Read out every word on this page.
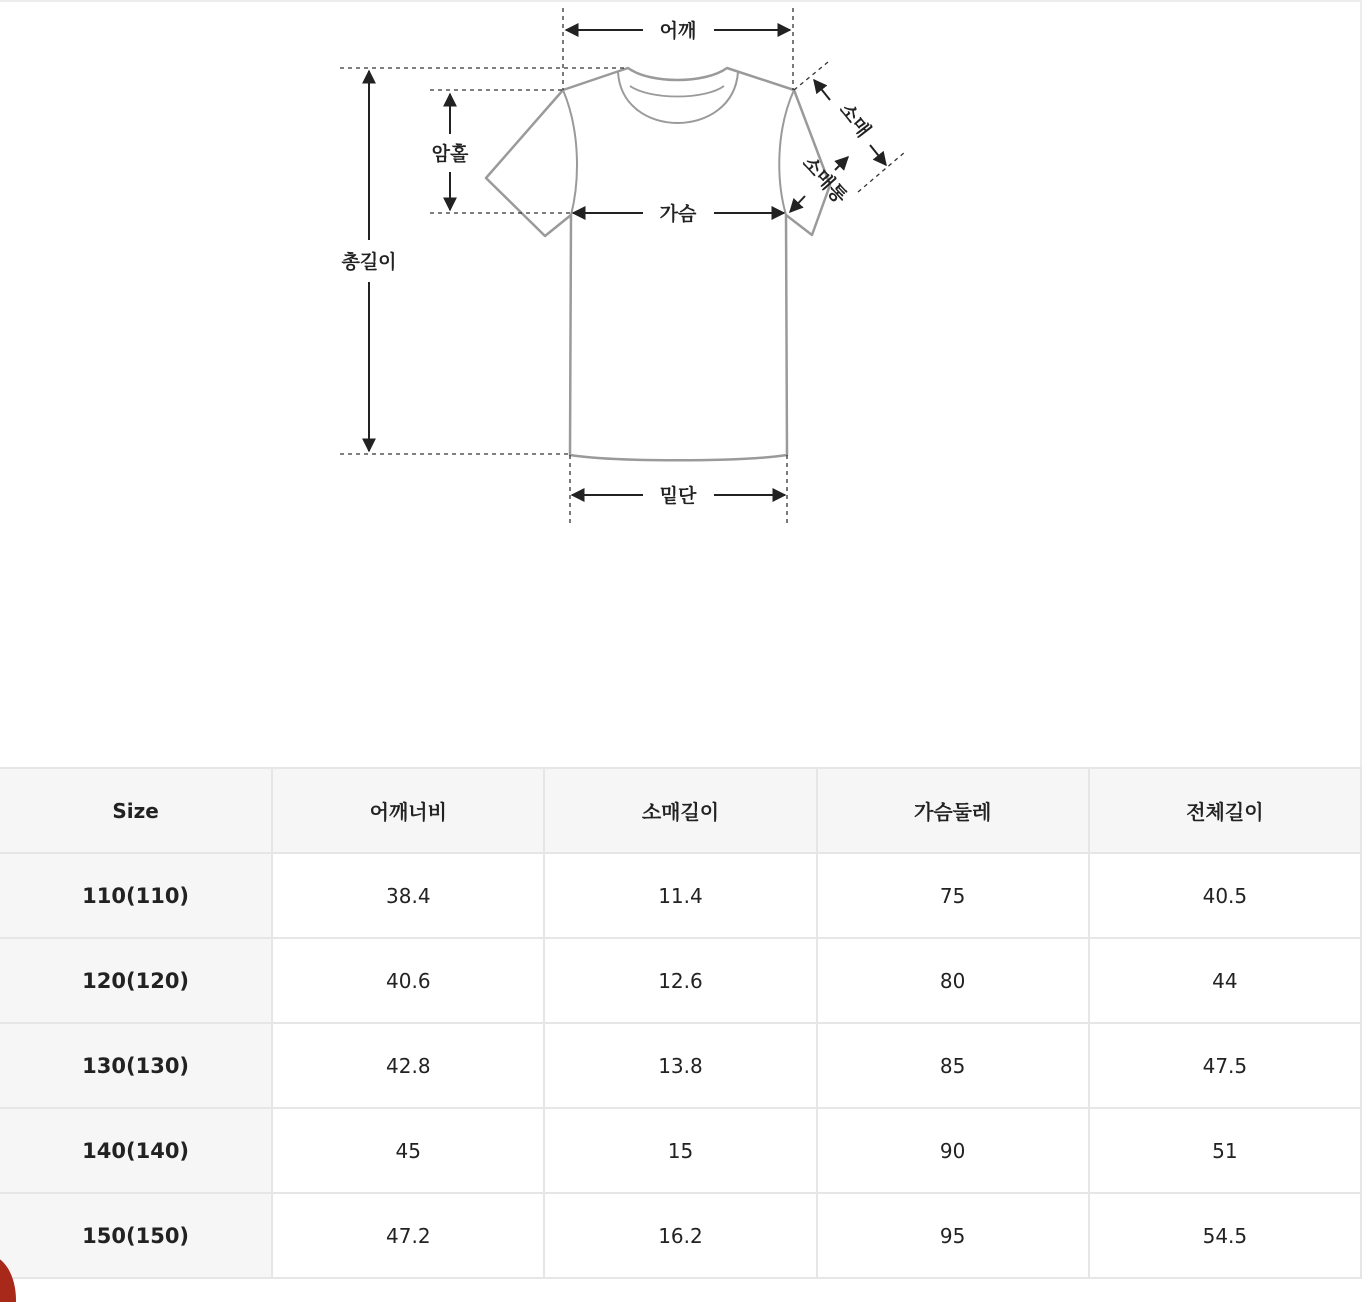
어깨
가슴
밑단
총길이
암홀
소매
소매통
Size	어깨너비	소매길이	가슴둘레	전체길이
110(110)	38.4	11.4	75	40.5
120(120)	40.6	12.6	80	44
130(130)	42.8	13.8	85	47.5
140(140)	45	15	90	51
150(150)	47.2	16.2	95	54.5
